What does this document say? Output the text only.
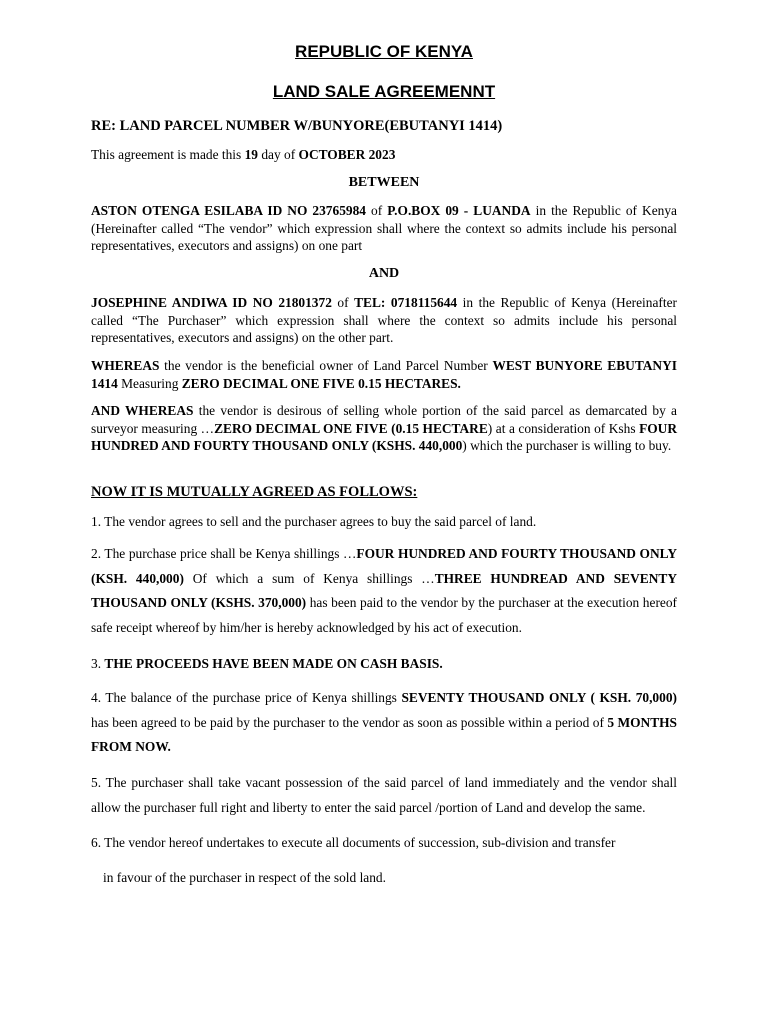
REPUBLIC OF KENYA
LAND SALE AGREEMENNT
RE: LAND PARCEL NUMBER W/BUNYORE(EBUTANYI 1414)
This agreement is made this 19 day of OCTOBER 2023
BETWEEN
ASTON OTENGA ESILABA ID NO 23765984 of P.O.BOX 09 - LUANDA in the Republic of Kenya (Hereinafter called “The vendor” which expression shall where the context so admits include his personal representatives, executors and assigns) on one part
AND
JOSEPHINE ANDIWA ID NO 21801372 of TEL: 0718115644 in the Republic of Kenya (Hereinafter called “The Purchaser” which expression shall where the context so admits include his personal representatives, executors and assigns) on the other part.
WHEREAS the vendor is the beneficial owner of Land Parcel Number WEST BUNYORE EBUTANYI 1414 Measuring ZERO DECIMAL ONE FIVE 0.15 HECTARES.
AND WHEREAS the vendor is desirous of selling whole portion of the said parcel as demarcated by a surveyor measuring …ZERO DECIMAL ONE FIVE (0.15 HECTARE) at a consideration of Kshs FOUR HUNDRED AND FOURTY THOUSAND ONLY (KSHS. 440,000) which the purchaser is willing to buy.
NOW IT IS MUTUALLY AGREED AS FOLLOWS:
1. The vendor agrees to sell and the purchaser agrees to buy the said parcel of land.
2. The purchase price shall be Kenya shillings …FOUR HUNDRED AND FOURTY THOUSAND ONLY (KSH. 440,000) Of which a sum of Kenya shillings …THREE HUNDREAD AND SEVENTY THOUSAND ONLY (KSHS. 370,000) has been paid to the vendor by the purchaser at the execution hereof safe receipt whereof by him/her is hereby acknowledged by his act of execution.
3. THE PROCEEDS HAVE BEEN MADE ON CASH BASIS.
4. The balance of the purchase price of Kenya shillings SEVENTY THOUSAND ONLY ( KSH. 70,000) has been agreed to be paid by the purchaser to the vendor as soon as possible within a period of 5 MONTHS FROM NOW.
5. The purchaser shall take vacant possession of the said parcel of land immediately and the vendor shall allow the purchaser full right and liberty to enter the said parcel /portion of Land and develop the same.
6. The vendor hereof undertakes to execute all documents of succession, sub-division and transfer
in favour of the purchaser in respect of the sold land.
